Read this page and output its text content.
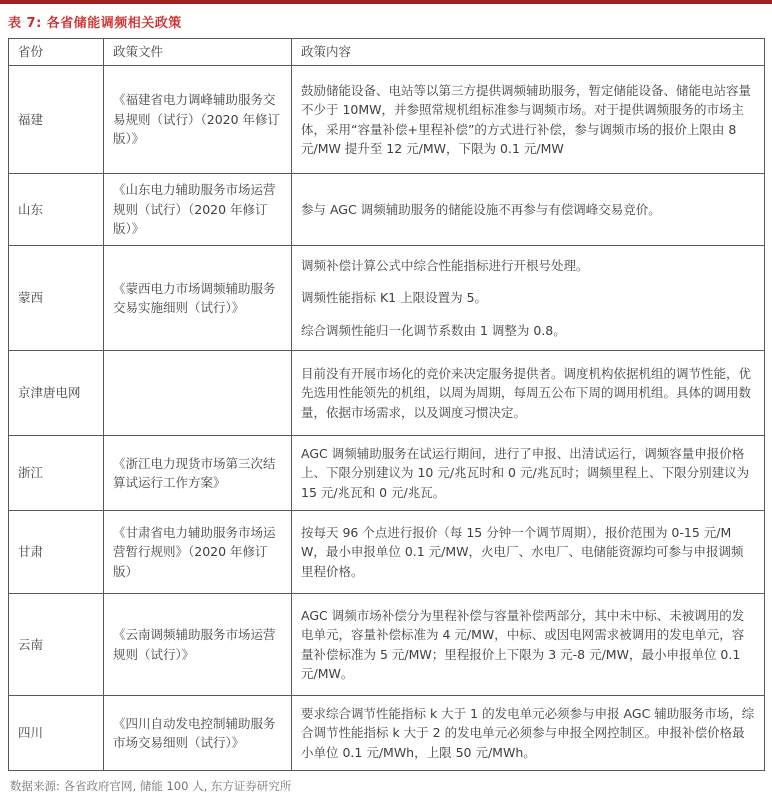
表 7: 各省储能调频相关政策
省份	政策文件	政策内容
福建	《福建省电力调峰辅助服务交易规则（试行）（2020 年修订版）》	鼓励储能设备、电站等以第三方提供调频辅助服务，暂定储能设备、储能电站容量不少于 10MW，并参照常规机组标准参与调频市场。对于提供调频服务的市场主体，采用“容量补偿+里程补偿”的方式进行补偿，参与调频市场的报价上限由 8 元/MW 提升至 12 元/MW，下限为 0.1 元/MW

山东	《山东电力辅助服务市场运营规则（试行）（2020 年修订版）》	参与 AGC 调频辅助服务的储能设施不再参与有偿调峰交易竞价。

蒙西	《蒙西电力市场调频辅助服务交易实施细则（试行）》	调频补偿计算公式中综合性能指标进行开根号处理。

调频性能指标 K1 上限设置为 5。

综合调频性能归一化调节系数由 1 调整为 0.8。

京津唐电网		目前没有开展市场化的竞价来决定服务提供者。调度机构依据机组的调节性能，优先选用性能领先的机组，以周为周期，每周五公布下周的调用机组。具体的调用数量，依据市场需求，以及调度习惯决定。

浙江	《浙江电力现货市场第三次结算试运行工作方案》	AGC 调频辅助服务在试运行期间，进行了申报、出清试运行，调频容量申报价格上、下限分别建议为 10 元/兆瓦时和 0 元/兆瓦时；调频里程上、下限分别建议为 15 元/兆瓦和 0 元/兆瓦。

甘肃	《甘肃省电力辅助服务市场运营暂行规则》（2020 年修订版）	按每天 96 个点进行报价（每 15 分钟一个调节周期），报价范围为 0-15 元/MW，最小申报单位 0.1 元/MW，火电厂、水电厂、电储能资源均可参与申报调频里程价格。

云南	《云南调频辅助服务市场运营规则（试行）》	AGC 调频市场补偿分为里程补偿与容量补偿两部分，其中未中标、未被调用的发电单元，容量补偿标准为 4 元/MW，中标、或因电网需求被调用的发电单元，容量补偿标准为 5 元/MW；里程报价上下限为 3 元-8 元/MW，最小申报单位 0.1 元/MW。

四川	《四川自动发电控制辅助服务市场交易细则（试行）》	要求综合调节性能指标 k 大于 1 的发电单元必须参与申报 AGC 辅助服务市场，综合调节性能指标 k 大于 2 的发电单元必须参与申报全网控制区。申报补偿价格最小单位 0.1 元/MWh，上限 50 元/MWh。

数据来源: 各省政府官网, 储能 100 人, 东方证券研究所
